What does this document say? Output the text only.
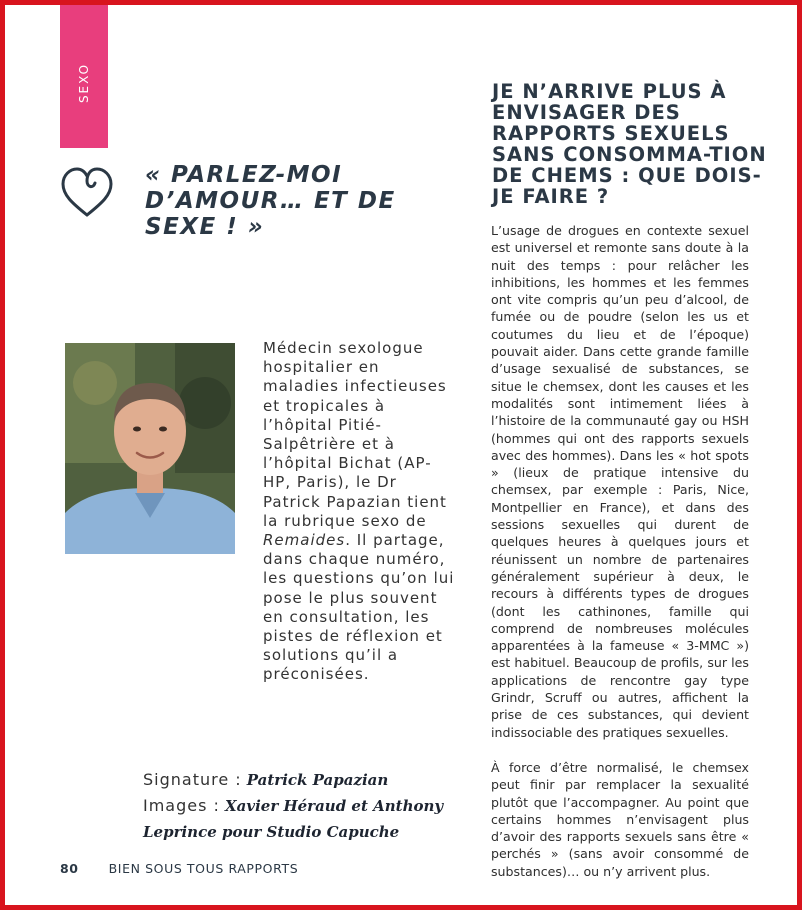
SEXO
« PARLEZ-MOI D’AMOUR… ET DE SEXE ! »

Médecin sexologue hospitalier en maladies infectieuses et tropicales à l’hôpital Pitié-Salpêtrière et à l’hôpital Bichat (AP-HP, Paris), le Dr Patrick Papazian tient la rubrique sexo de Remaides. Il partage, dans chaque numéro, les questions qu’on lui pose le plus souvent en consultation, les pistes de réflexion et solutions qu’il a préconisées.

Signature : Patrick Papazian
Images : Xavier Héraud et Anthony Leprince pour Studio Capuche
JE N’ARRIVE PLUS À ENVISAGER DES RAPPORTS SEXUELS SANS CONSOMMA-TION DE CHEMS : QUE DOIS-JE FAIRE ?

L’usage de drogues en contexte sexuel est universel et remonte sans doute à la nuit des temps : pour relâcher les inhibitions, les hommes et les femmes ont vite compris qu’un peu d’alcool, de fumée ou de poudre (selon les us et coutumes du lieu et de l’époque) pouvait aider. Dans cette grande famille d’usage sexualisé de substances, se situe le chemsex, dont les causes et les modalités sont intimement liées à l’histoire de la communauté gay ou HSH (hommes qui ont des rapports sexuels avec des hommes). Dans les « hot spots » (lieux de pratique intensive du chemsex, par exemple : Paris, Nice, Montpellier en France), et dans des sessions sexuelles qui durent de quelques heures à quelques jours et réunissent un nombre de partenaires généralement supérieur à deux, le recours à différents types de drogues (dont les cathinones, famille qui comprend de nombreuses molécules apparentées à la fameuse « 3-MMC ») est habituel. Beaucoup de profils, sur les applications de rencontre gay type Grindr, Scruff ou autres, affichent la prise de ces substances, qui devient indissociable des pratiques sexuelles.

À force d’être normalisé, le chemsex peut finir par remplacer la sexualité plutôt que l’accompagner. Au point que certains hommes n’envisagent plus d’avoir des rapports sexuels sans être « perchés » (sans avoir consommé de substances)… ou n’y arrivent plus.

80 BIEN SOUS TOUS RAPPORTS
